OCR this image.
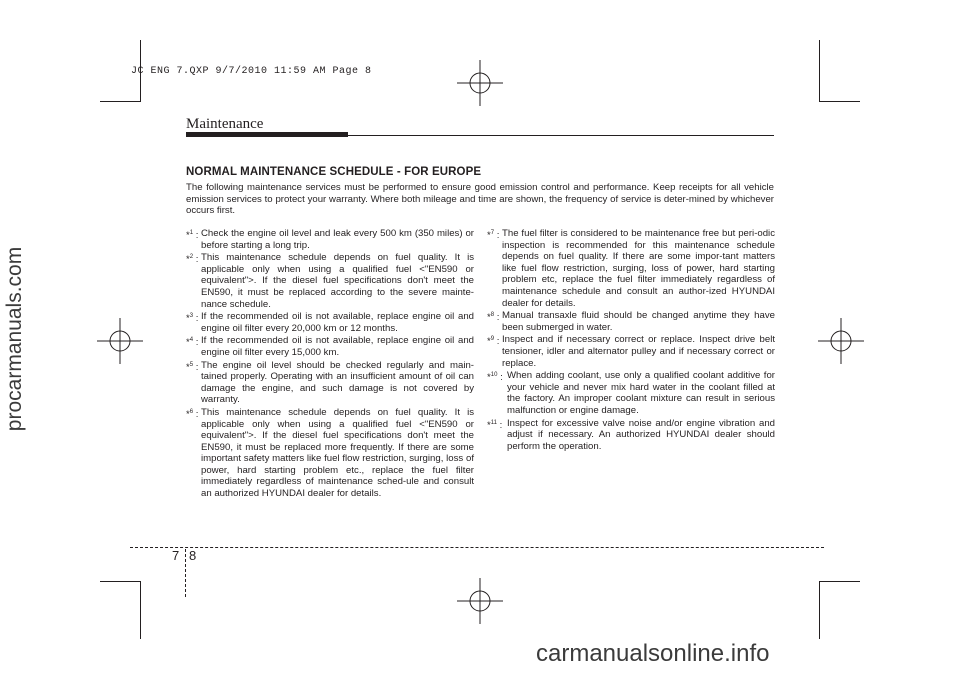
JC ENG 7.QXP 9/7/2010 11:59 AM Page 8
Maintenance
procarmanuals.com
NORMAL MAINTENANCE SCHEDULE - FOR EUROPE
The following maintenance services must be performed to ensure good emission control and performance. Keep receipts for all vehicle emission services to protect your warranty. Where both mileage and time are shown, the frequency of service is deter-mined by whichever occurs first.
*$^1$ : Check the engine oil level and leak every 500 km (350 miles) or before starting a long trip.
*$^2$ : This maintenance schedule depends on fuel quality. It is applicable only when using a qualified fuel <"EN590 or equivalent">. If the diesel fuel specifications don't meet the EN590, it must be replaced according to the severe mainte-nance schedule.
*$^3$ : If the recommended oil is not available, replace engine oil and engine oil filter every 20,000 km or 12 months.
*$^4$ : If the recommended oil is not available, replace engine oil and engine oil filter every 15,000 km.
*$^5$ : The engine oil level should be checked regularly and main-tained properly. Operating with an insufficient amount of oil can damage the engine, and such damage is not covered by warranty.
*$^6$ : This maintenance schedule depends on fuel quality. It is applicable only when using a qualified fuel <"EN590 or equivalent">. If the diesel fuel specifications don't meet the EN590, it must be replaced more frequently. If there are some important safety matters like fuel flow restriction, surging, loss of power, hard starting problem etc., replace the fuel filter immediately regardless of maintenance sched-ule and consult an authorized HYUNDAI dealer for details.
*$^7$ : The fuel filter is considered to be maintenance free but peri-odic inspection is recommended for this maintenance schedule depends on fuel quality. If there are some impor-tant matters like fuel flow restriction, surging, loss of power, hard starting problem etc, replace the fuel filter immediately regardless of maintenance schedule and consult an author-ized HYUNDAI dealer for details.
*$^8$ : Manual transaxle fluid should be changed anytime they have been submerged in water.
*$^9$ : Inspect and if necessary correct or replace. Inspect drive belt tensioner, idler and alternator pulley and if necessary correct or replace.
*$^{10}$ : When adding coolant, use only a qualified coolant additive for your vehicle and never mix hard water in the coolant filled at the factory. An improper coolant mixture can result in serious malfunction or engine damage.
*$^{11}$ : Inspect for excessive valve noise and/or engine vibration and adjust if necessary. An authorized HYUNDAI dealer should perform the operation.
7 8
carmanualsonline.info
